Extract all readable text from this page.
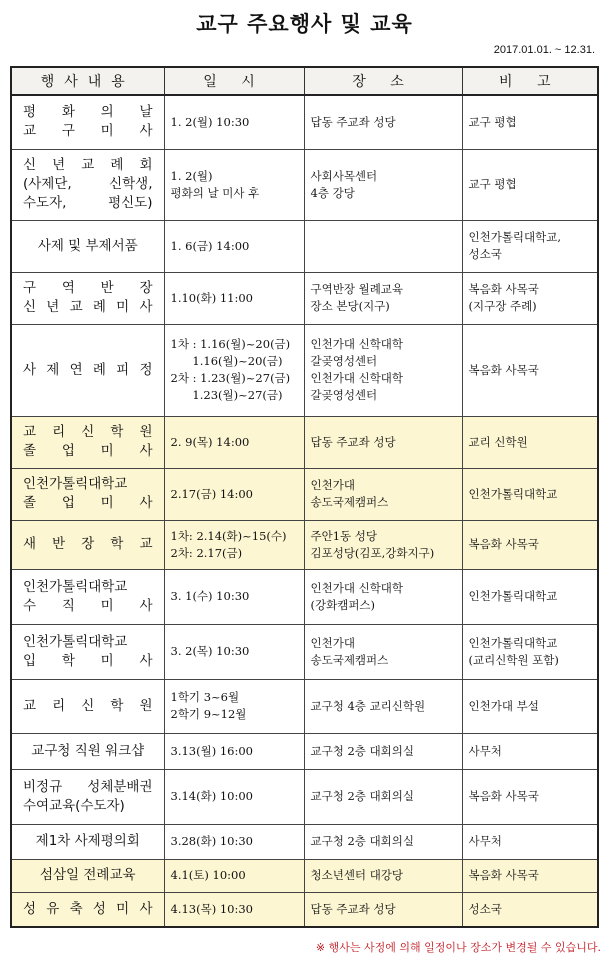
교구 주요행사 및 교육
2017.01.01. ~ 12.31.
행사내용	일 시	장 소	비 고

평 화 의 날
교 구 미 사	1. 2(월) 10:30	답동 주교좌 성당	교구 평협

신 년 교 례 회
(사제단, 신학생,
수도자, 평신도)	1. 2(월)
평화의 날 미사 후	사회사목센터
4층 강당	교구 평협

사제 및 부제서품	1. 6(금) 14:00		인천가톨릭대학교,
성소국

구 역 반 장
신 년 교 례 미 사	1.10(화) 11:00	구역반장 월례교육
장소 본당(지구)	복음화 사목국
(지구장 주례)

사 제 연 례 피 정	1차 : 1.16(월)~20(금)
1.16(월)~20(금)
2차 : 1.23(월)~27(금)
1.23(월)~27(금)	인천가대 신학대학
갈곶영성센터
인천가대 신학대학
갈곶영성센터	복음화 사목국

교 리 신 학 원
졸 업 미 사	2. 9(목) 14:00	답동 주교좌 성당	교리 신학원

인천가톨릭대학교
졸 업 미 사	2.17(금) 14:00	인천가대
송도국제캠퍼스	인천가톨릭대학교

새 반 장 학 교	1차: 2.14(화)~15(수)
2차: 2.17(금)	주안1동 성당
김포성당(김포,강화지구)	복음화 사목국

인천가톨릭대학교
수 직 미 사	3. 1(수) 10:30	인천가대 신학대학
(강화캠퍼스)	인천가톨릭대학교

인천가톨릭대학교
입 학 미 사	3. 2(목) 10:30	인천가대
송도국제캠퍼스	인천가톨릭대학교
(교리신학원 포함)

교 리 신 학 원	1학기 3~6월
2학기 9~12월	교구청 4층 교리신학원	인천가대 부설

교구청 직원 워크샵	3.13(월) 16:00	교구청 2층 대회의실	사무처

비정규 성체분배권
수여교육(수도자)	3.14(화) 10:00	교구청 2층 대회의실	복음화 사목국

제1차 사제평의회	3.28(화) 10:30	교구청 2층 대회의실	사무처

섬삼일 전례교육	4.1(토) 10:00	청소년센터 대강당	복음화 사목국

성 유 축 성 미 사	4.13(목) 10:30	답동 주교좌 성당	성소국
※ 행사는 사정에 의해 일정이나 장소가 변경될 수 있습니다.
